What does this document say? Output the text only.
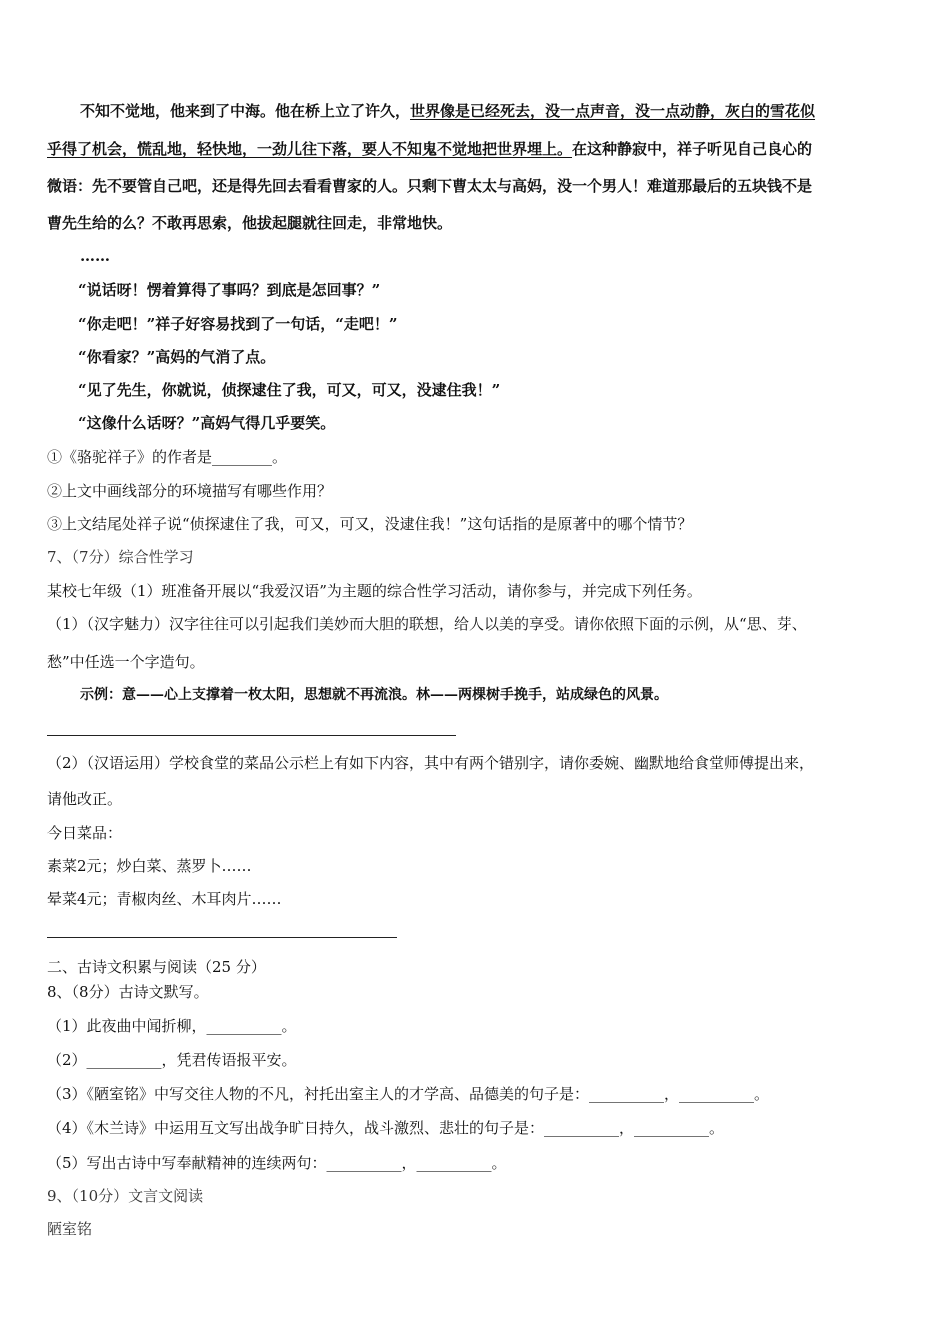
不知不觉地，他来到了中海。他在桥上立了许久，世界像是已经死去，没一点声音，没一点动静，灰白的雪花似
乎得了机会，慌乱地，轻快地，一劲儿往下落，要人不知鬼不觉地把世界埋上。在这种静寂中，祥子听见自己良心的
微语：先不要管自己吧，还是得先回去看看曹家的人。只剩下曹太太与高妈，没一个男人！难道那最后的五块钱不是
曹先生给的么？不敢再思索，他拔起腿就往回走，非常地快。
……
“说话呀！愣着算得了事吗？到底是怎回事？”
“你走吧！”祥子好容易找到了一句话，“走吧！”
“你看家？”高妈的气消了点。
“见了先生，你就说，侦探逮住了我，可又，可又，没逮住我！”
“这像什么话呀？”高妈气得几乎要笑。
①《骆驼祥子》的作者是________。
②上文中画线部分的环境描写有哪些作用？
③上文结尾处祥子说“侦探逮住了我，可又，可又，没逮住我！”这句话指的是原著中的哪个情节？
7、（7分）综合性学习
某校七年级（1）班准备开展以“我爱汉语”为主题的综合性学习活动，请你参与，并完成下列任务。
（1）（汉字魅力）汉字往往可以引起我们美妙而大胆的联想，给人以美的享受。请你依照下面的示例，从“思、芽、
愁”中任选一个字造句。
示例：意——心上支撑着一枚太阳，思想就不再流浪。林——两棵树手挽手，站成绿色的风景。
（2）（汉语运用）学校食堂的菜品公示栏上有如下内容，其中有两个错别字，请你委婉、幽默地给食堂师傅提出来，
请他改正。
今日菜品：
素菜2元；炒白菜、蒸罗卜……
晕菜4元；青椒肉丝、木耳肉片……
二、古诗文积累与阅读（25 分）
8、（8分）古诗文默写。
（1）此夜曲中闻折柳，__________。
（2）__________，凭君传语报平安。
（3）《陋室铭》中写交往人物的不凡，衬托出室主人的才学高、品德美的句子是：__________，__________。
（4）《木兰诗》中运用互文写出战争旷日持久，战斗激烈、悲壮的句子是：__________，__________。
（5）写出古诗中写奉献精神的连续两句：__________，__________。
9、（10分）文言文阅读
陋室铭
